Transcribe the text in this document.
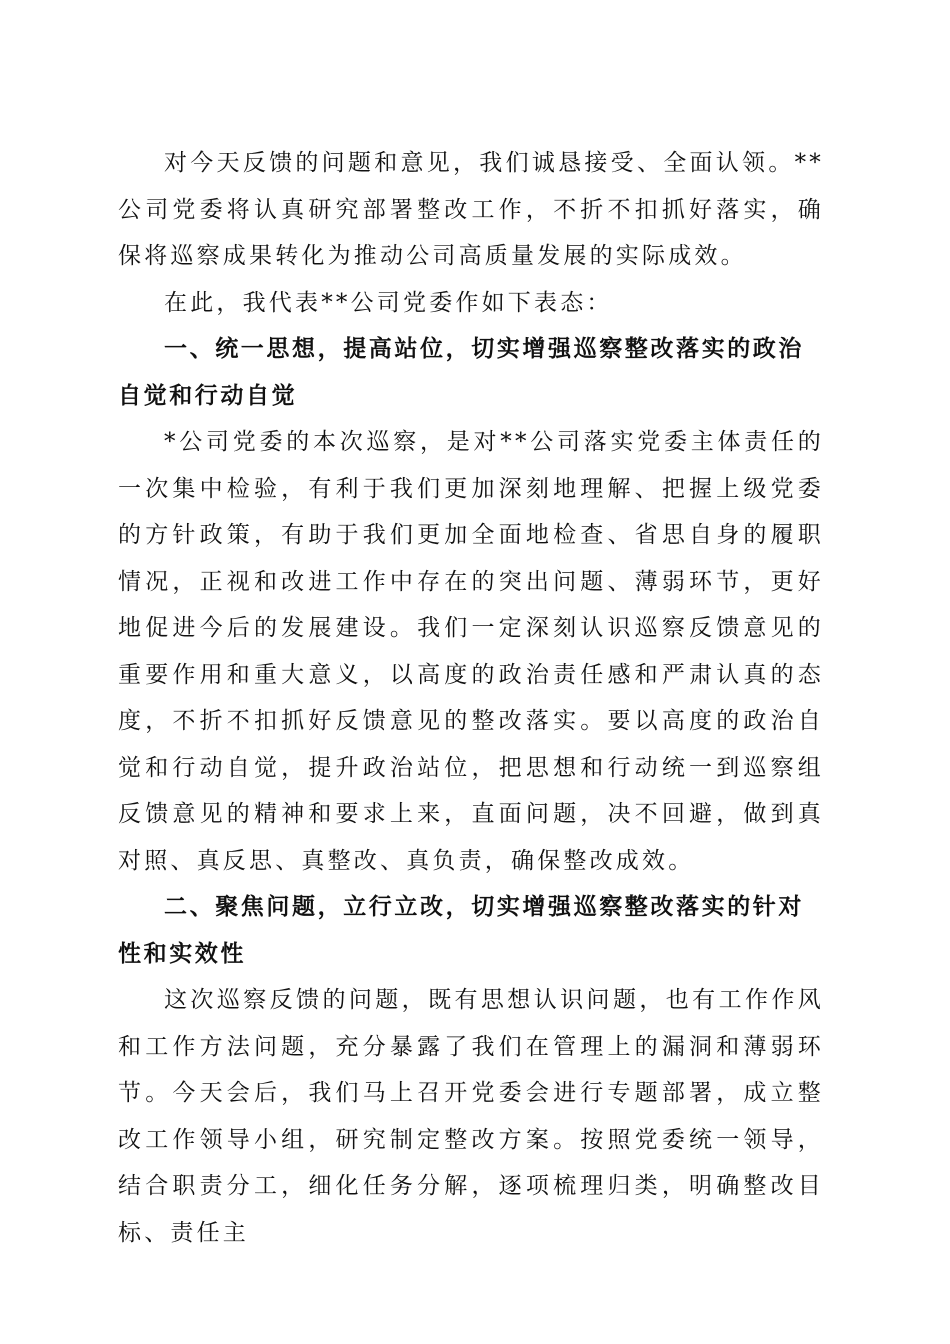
对今天反馈的问题和意见，我们诚恳接受、全面认领。**公司党委将认真研究部署整改工作，不折不扣抓好落实，确保将巡察成果转化为推动公司高质量发展的实际成效。

在此，我代表**公司党委作如下表态：

一、统一思想，提高站位，切实增强巡察整改落实的政治自觉和行动自觉

*公司党委的本次巡察，是对**公司落实党委主体责任的一次集中检验，有利于我们更加深刻地理解、把握上级党委的方针政策，有助于我们更加全面地检查、省思自身的履职情况，正视和改进工作中存在的突出问题、薄弱环节，更好地促进今后的发展建设。我们一定深刻认识巡察反馈意见的重要作用和重大意义，以高度的政治责任感和严肃认真的态度，不折不扣抓好反馈意见的整改落实。要以高度的政治自觉和行动自觉，提升政治站位，把思想和行动统一到巡察组反馈意见的精神和要求上来，直面问题，决不回避，做到真对照、真反思、真整改、真负责，确保整改成效。

二、聚焦问题，立行立改，切实增强巡察整改落实的针对性和实效性

这次巡察反馈的问题，既有思想认识问题，也有工作作风和工作方法问题，充分暴露了我们在管理上的漏洞和薄弱环节。今天会后，我们马上召开党委会进行专题部署，成立整改工作领导小组，研究制定整改方案。按照党委统一领导，结合职责分工，细化任务分解，逐项梳理归类，明确整改目标、责任主
